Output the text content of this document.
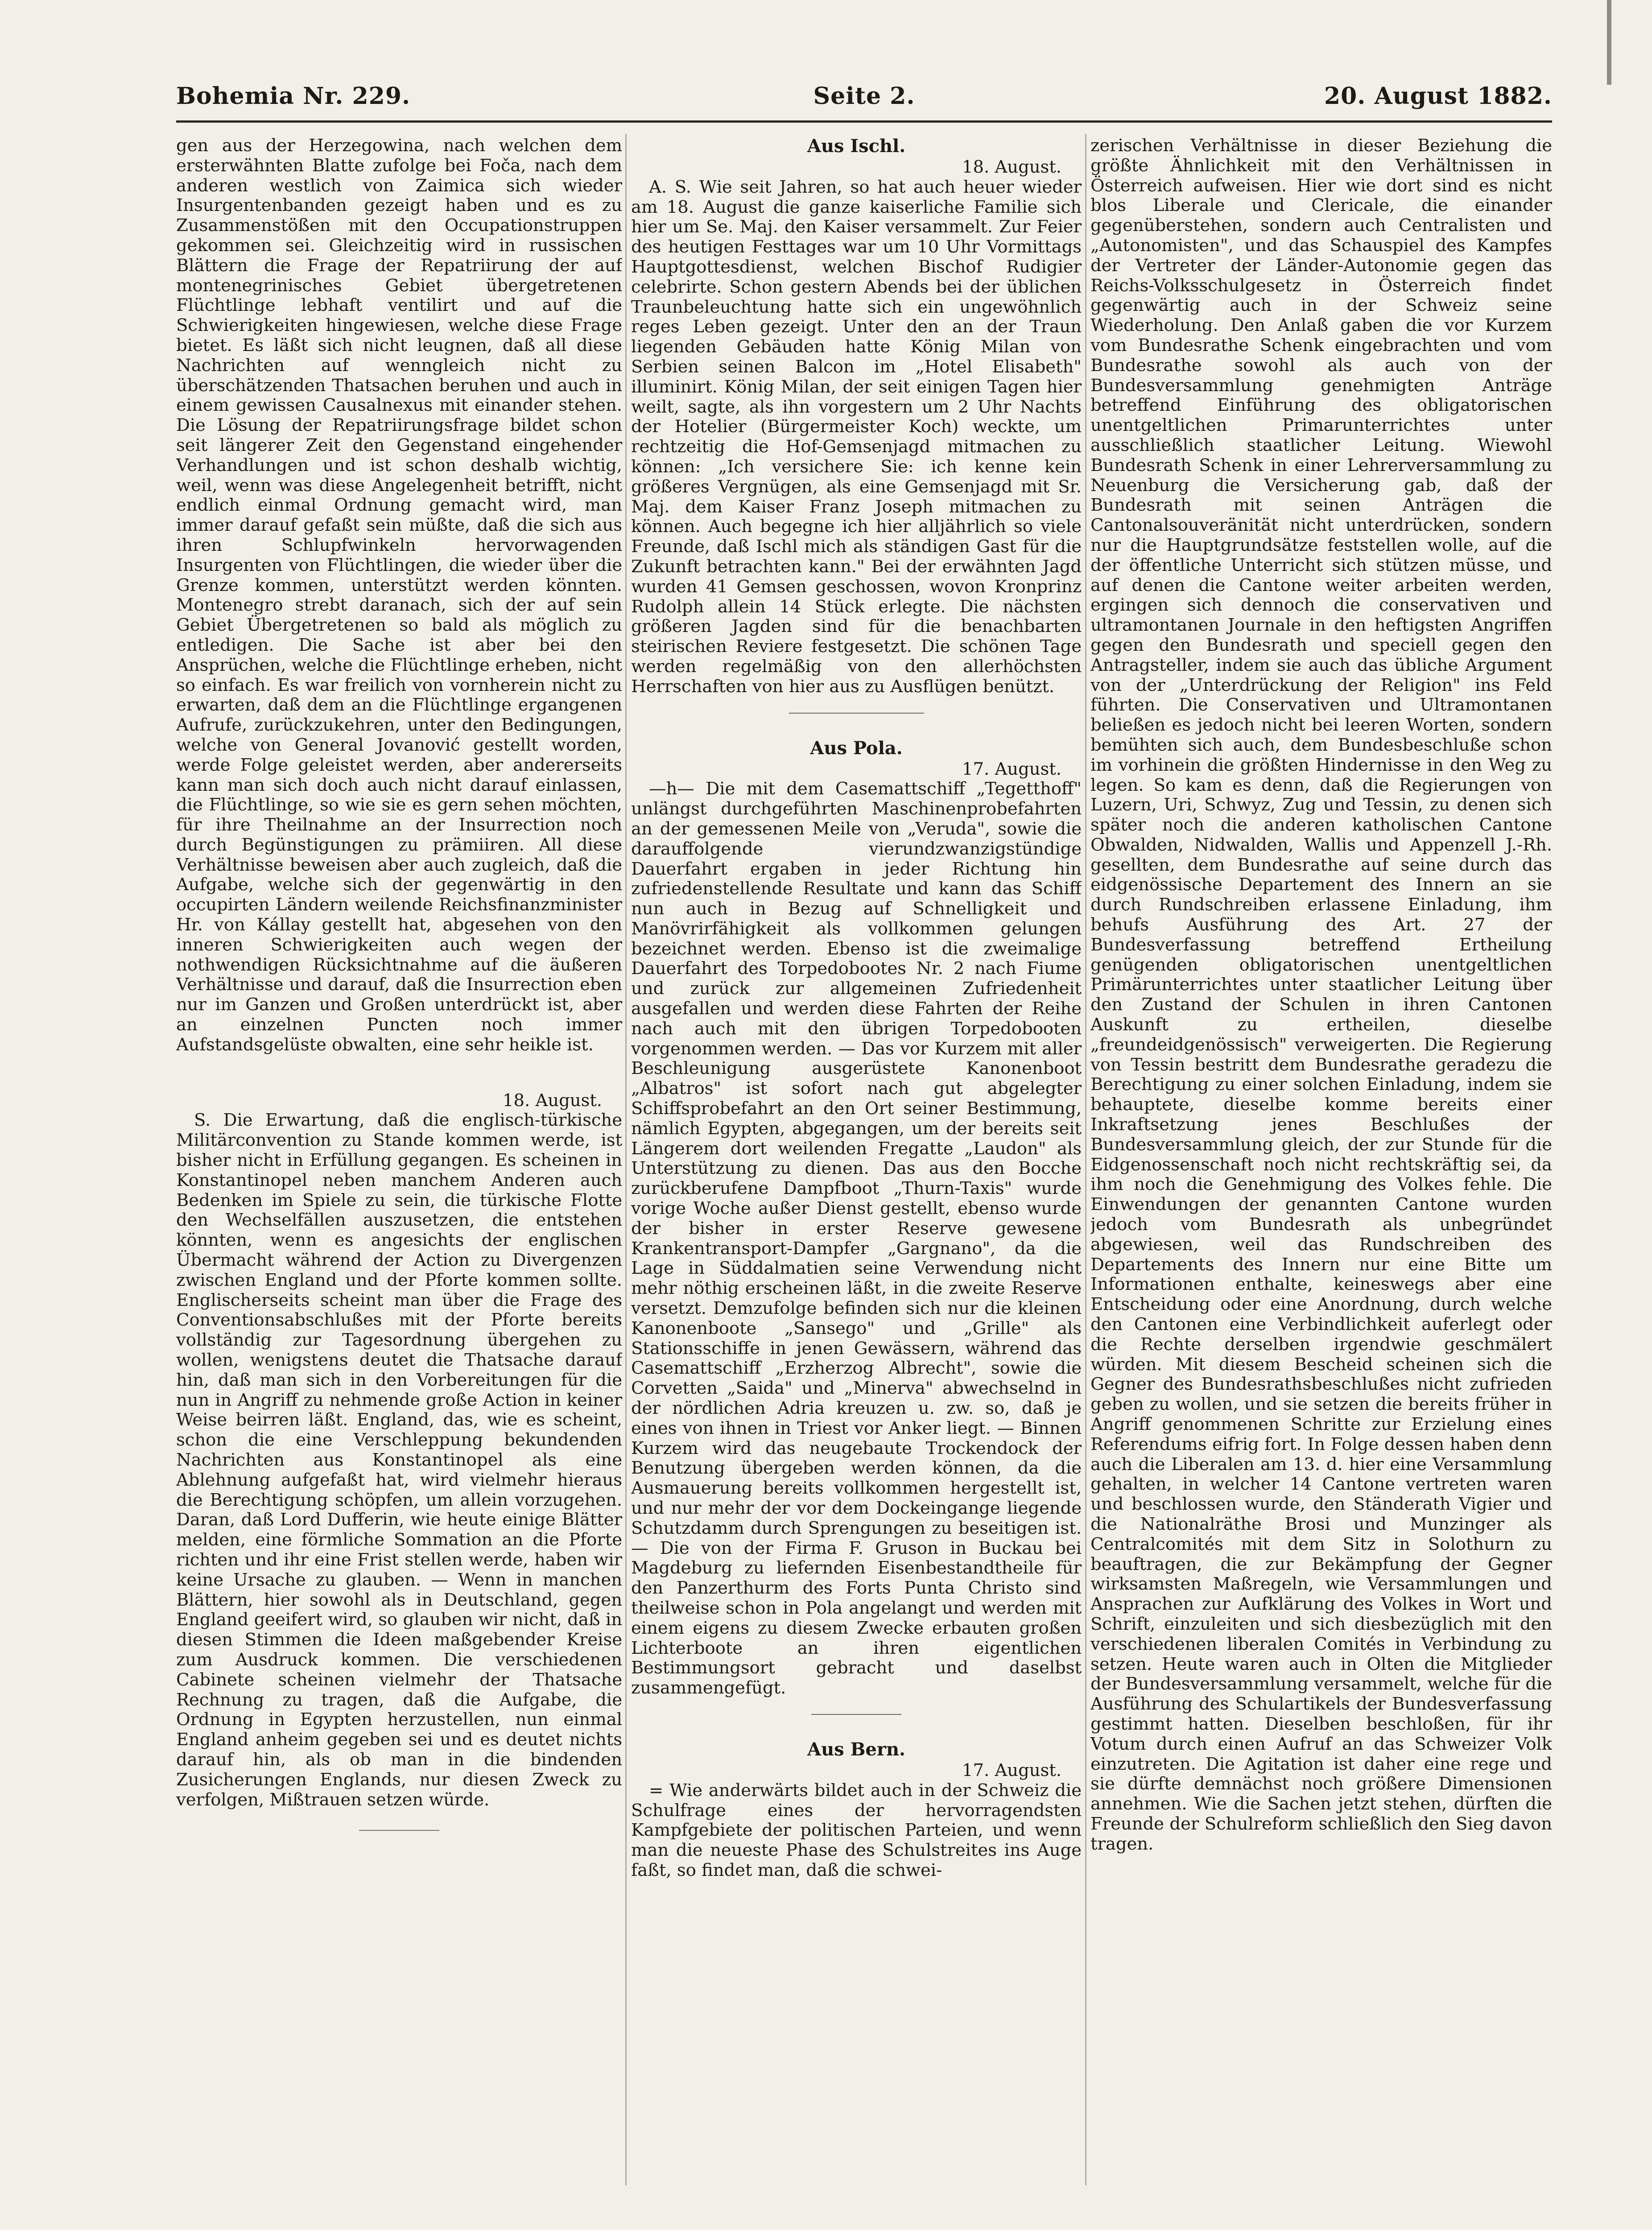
Seite 2.
Bohemia Nr. 229.	20. August 1882.

gen aus der Herzegowina, nach welchen dem ersterwähnten Blatte zufolge bei Foča, nach dem anderen westlich von Zaimica sich wieder Insurgentenbanden gezeigt haben und es zu Zusammenstößen mit den Occupationstruppen gekommen sei. Gleichzeitig wird in russischen Blättern die Frage der Repatriirung der auf montenegrinisches Gebiet übergetretenen Flüchtlinge lebhaft ventilirt und auf die Schwierigkeiten hingewiesen, welche diese Frage bietet. Es läßt sich nicht leugnen, daß all diese Nachrichten auf wenngleich nicht zu überschätzenden Thatsachen beruhen und auch in einem gewissen Causalnexus mit einander stehen. Die Lösung der Repatriirungsfrage bildet schon seit längerer Zeit den Gegenstand eingehender Verhandlungen und ist schon deshalb wichtig, weil, wenn was diese Angelegenheit betrifft, nicht endlich einmal Ordnung gemacht wird, man immer darauf gefaßt sein müßte, daß die sich aus ihren Schlupfwinkeln hervorwagenden Insurgenten von Flüchtlingen, die wieder über die Grenze kommen, unterstützt werden könnten. Montenegro strebt daranach, sich der auf sein Gebiet Übergetretenen so bald als möglich zu entledigen. Die Sache ist aber bei den Ansprüchen, welche die Flüchtlinge erheben, nicht so einfach. Es war freilich von vornherein nicht zu erwarten, daß dem an die Flüchtlinge ergangenen Aufrufe, zurückzukehren, unter den Bedingungen, welche von General Jovanović gestellt worden, werde Folge geleistet werden, aber andererseits kann man sich doch auch nicht darauf einlassen, die Flüchtlinge, so wie sie es gern sehen möchten, für ihre Theilnahme an der Insurrection noch durch Begünstigungen zu prämiiren. All diese Verhältnisse beweisen aber auch zugleich, daß die Aufgabe, welche sich der gegenwärtig in den occupirten Ländern weilende Reichsfinanzminister Hr. von Kállay gestellt hat, abgesehen von den inneren Schwierigkeiten auch wegen der nothwendigen Rücksichtnahme auf die äußeren Verhältnisse und darauf, daß die Insurrection eben nur im Ganzen und Großen unterdrückt ist, aber an einzelnen Puncten noch immer Aufstandsgelüste obwalten, eine sehr heikle ist.

18. August.

S. Die Erwartung, daß die englisch-türkische Militärconvention zu Stande kommen werde, ist bisher nicht in Erfüllung gegangen. Es scheinen in Konstantinopel neben manchem Anderen auch Bedenken im Spiele zu sein, die türkische Flotte den Wechselfällen auszusetzen, die entstehen könnten, wenn es angesichts der englischen Übermacht während der Action zu Divergenzen zwischen England und der Pforte kommen sollte. Englischerseits scheint man über die Frage des Conventionsabschlußes mit der Pforte bereits vollständig zur Tagesordnung übergehen zu wollen, wenigstens deutet die Thatsache darauf hin, daß man sich in den Vorbereitungen für die nun in Angriff zu nehmende große Action in keiner Weise beirren läßt. England, das, wie es scheint, schon die eine Verschleppung bekundenden Nachrichten aus Konstantinopel als eine Ablehnung aufgefaßt hat, wird vielmehr hieraus die Berechtigung schöpfen, um allein vorzugehen. Daran, daß Lord Dufferin, wie heute einige Blätter melden, eine förmliche Sommation an die Pforte richten und ihr eine Frist stellen werde, haben wir keine Ursache zu glauben. — Wenn in manchen Blättern, hier sowohl als in Deutschland, gegen England geeifert wird, so glauben wir nicht, daß in diesen Stimmen die Ideen maßgebender Kreise zum Ausdruck kommen. Die verschiedenen Cabinete scheinen vielmehr der Thatsache Rechnung zu tragen, daß die Aufgabe, die Ordnung in Egypten herzustellen, nun einmal England anheim gegeben sei und es deutet nichts darauf hin, als ob man in die bindenden Zusicherungen Englands, nur diesen Zweck zu verfolgen, Mißtrauen setzen würde.

Aus Ischl.

18. August.

A. S. Wie seit Jahren, so hat auch heuer wieder am 18. August die ganze kaiserliche Familie sich hier um Se. Maj. den Kaiser versammelt. Zur Feier des heutigen Festtages war um 10 Uhr Vormittags Hauptgottesdienst, welchen Bischof Rudigier celebrirte. Schon gestern Abends bei der üblichen Traunbeleuchtung hatte sich ein ungewöhnlich reges Leben gezeigt. Unter den an der Traun liegenden Gebäuden hatte König Milan von Serbien seinen Balcon im „Hotel Elisabeth" illuminirt. König Milan, der seit einigen Tagen hier weilt, sagte, als ihn vorgestern um 2 Uhr Nachts der Hotelier (Bürgermeister Koch) weckte, um rechtzeitig die Hof-Gemsenjagd mitmachen zu können: „Ich versichere Sie: ich kenne kein größeres Vergnügen, als eine Gemsenjagd mit Sr. Maj. dem Kaiser Franz Joseph mitmachen zu können. Auch begegne ich hier alljährlich so viele Freunde, daß Ischl mich als ständigen Gast für die Zukunft betrachten kann." Bei der erwähnten Jagd wurden 41 Gemsen geschossen, wovon Kronprinz Rudolph allein 14 Stück erlegte. Die nächsten größeren Jagden sind für die benachbarten steirischen Reviere festgesetzt. Die schönen Tage werden regelmäßig von den allerhöchsten Herrschaften von hier aus zu Ausflügen benützt.

Aus Pola.

17. August.

—h— Die mit dem Casemattschiff „Tegetthoff" unlängst durchgeführten Maschinenprobefahrten an der gemessenen Meile von „Veruda", sowie die darauffolgende vierundzwanzigstündige Dauerfahrt ergaben in jeder Richtung hin zufriedenstellende Resultate und kann das Schiff nun auch in Bezug auf Schnelligkeit und Manövrirfähigkeit als vollkommen gelungen bezeichnet werden. Ebenso ist die zweimalige Dauerfahrt des Torpedobootes Nr. 2 nach Fiume und zurück zur allgemeinen Zufriedenheit ausgefallen und werden diese Fahrten der Reihe nach auch mit den übrigen Torpedobooten vorgenommen werden. — Das vor Kurzem mit aller Beschleunigung ausgerüstete Kanonenboot „Albatros" ist sofort nach gut abgelegter Schiffsprobefahrt an den Ort seiner Bestimmung, nämlich Egypten, abgegangen, um der bereits seit Längerem dort weilenden Fregatte „Laudon" als Unterstützung zu dienen. Das aus den Bocche zurückberufene Dampfboot „Thurn-Taxis" wurde vorige Woche außer Dienst gestellt, ebenso wurde der bisher in erster Reserve gewesene Krankentransport-Dampfer „Gargnano", da die Lage in Süddalmatien seine Verwendung nicht mehr nöthig erscheinen läßt, in die zweite Reserve versetzt. Demzufolge befinden sich nur die kleinen Kanonenboote „Sansego" und „Grille" als Stationsschiffe in jenen Gewässern, während das Casemattschiff „Erzherzog Albrecht", sowie die Corvetten „Saida" und „Minerva" abwechselnd in der nördlichen Adria kreuzen u. zw. so, daß je eines von ihnen in Triest vor Anker liegt. — Binnen Kurzem wird das neugebaute Trockendock der Benutzung übergeben werden können, da die Ausmauerung bereits vollkommen hergestellt ist, und nur mehr der vor dem Dockeingange liegende Schutzdamm durch Sprengungen zu beseitigen ist. — Die von der Firma F. Gruson in Buckau bei Magdeburg zu liefernden Eisenbestandtheile für den Panzerthurm des Forts Punta Christo sind theilweise schon in Pola angelangt und werden mit einem eigens zu diesem Zwecke erbauten großen Lichterboote an ihren eigentlichen Bestimmungsort gebracht und daselbst zusammengefügt.

Aus Bern.

17. August.

= Wie anderwärts bildet auch in der Schweiz die Schulfrage eines der hervorragendsten Kampfgebiete der politischen Parteien, und wenn man die neueste Phase des Schulstreites ins Auge faßt, so findet man, daß die schwei-

zerischen Verhältnisse in dieser Beziehung die größte Ähnlichkeit mit den Verhältnissen in Österreich aufweisen. Hier wie dort sind es nicht blos Liberale und Clericale, die einander gegenüberstehen, sondern auch Centralisten und „Autonomisten", und das Schauspiel des Kampfes der Vertreter der Länder-Autonomie gegen das Reichs-Volksschulgesetz in Österreich findet gegenwärtig auch in der Schweiz seine Wiederholung. Den Anlaß gaben die vor Kurzem vom Bundesrathe Schenk eingebrachten und vom Bundesrathe sowohl als auch von der Bundesversammlung genehmigten Anträge betreffend Einführung des obligatorischen unentgeltlichen Primarunterrichtes unter ausschließlich staatlicher Leitung. Wiewohl Bundesrath Schenk in einer Lehrerversammlung zu Neuenburg die Versicherung gab, daß der Bundesrath mit seinen Anträgen die Cantonalsouveränität nicht unterdrücken, sondern nur die Hauptgrundsätze feststellen wolle, auf die der öffentliche Unterricht sich stützen müsse, und auf denen die Cantone weiter arbeiten werden, ergingen sich dennoch die conservativen und ultramontanen Journale in den heftigsten Angriffen gegen den Bundesrath und speciell gegen den Antragsteller, indem sie auch das übliche Argument von der „Unterdrückung der Religion" ins Feld führten. Die Conservativen und Ultramontanen beließen es jedoch nicht bei leeren Worten, sondern bemühten sich auch, dem Bundesbeschluße schon im vorhinein die größten Hindernisse in den Weg zu legen. So kam es denn, daß die Regierungen von Luzern, Uri, Schwyz, Zug und Tessin, zu denen sich später noch die anderen katholischen Cantone Obwalden, Nidwalden, Wallis und Appenzell J.-Rh. gesellten, dem Bundesrathe auf seine durch das eidgenössische Departement des Innern an sie durch Rundschreiben erlassene Einladung, ihm behufs Ausführung des Art. 27 der Bundesverfassung betreffend Ertheilung genügenden obligatorischen unentgeltlichen Primärunterrichtes unter staatlicher Leitung über den Zustand der Schulen in ihren Cantonen Auskunft zu ertheilen, dieselbe „freundeidgenössisch" verweigerten. Die Regierung von Tessin bestritt dem Bundesrathe geradezu die Berechtigung zu einer solchen Einladung, indem sie behauptete, dieselbe komme bereits einer Inkraftsetzung jenes Beschlußes der Bundesversammlung gleich, der zur Stunde für die Eidgenossenschaft noch nicht rechtskräftig sei, da ihm noch die Genehmigung des Volkes fehle. Die Einwendungen der genannten Cantone wurden jedoch vom Bundesrath als unbegründet abgewiesen, weil das Rundschreiben des Departements des Innern nur eine Bitte um Informationen enthalte, keineswegs aber eine Entscheidung oder eine Anordnung, durch welche den Cantonen eine Verbindlichkeit auferlegt oder die Rechte derselben irgendwie geschmälert würden. Mit diesem Bescheid scheinen sich die Gegner des Bundesrathsbeschlußes nicht zufrieden geben zu wollen, und sie setzen die bereits früher in Angriff genommenen Schritte zur Erzielung eines Referendums eifrig fort. In Folge dessen haben denn auch die Liberalen am 13. d. hier eine Versammlung gehalten, in welcher 14 Cantone vertreten waren und beschlossen wurde, den Ständerath Vigier und die Nationalräthe Brosi und Munzinger als Centralcomités mit dem Sitz in Solothurn zu beauftragen, die zur Bekämpfung der Gegner wirksamsten Maßregeln, wie Versammlungen und Ansprachen zur Aufklärung des Volkes in Wort und Schrift, einzuleiten und sich diesbezüglich mit den verschiedenen liberalen Comités in Verbindung zu setzen. Heute waren auch in Olten die Mitglieder der Bundesversammlung versammelt, welche für die Ausführung des Schulartikels der Bundesverfassung gestimmt hatten. Dieselben beschloßen, für ihr Votum durch einen Aufruf an das Schweizer Volk einzutreten. Die Agitation ist daher eine rege und sie dürfte demnächst noch größere Dimensionen annehmen. Wie die Sachen jetzt stehen, dürften die Freunde der Schulreform schließlich den Sieg davon tragen.
